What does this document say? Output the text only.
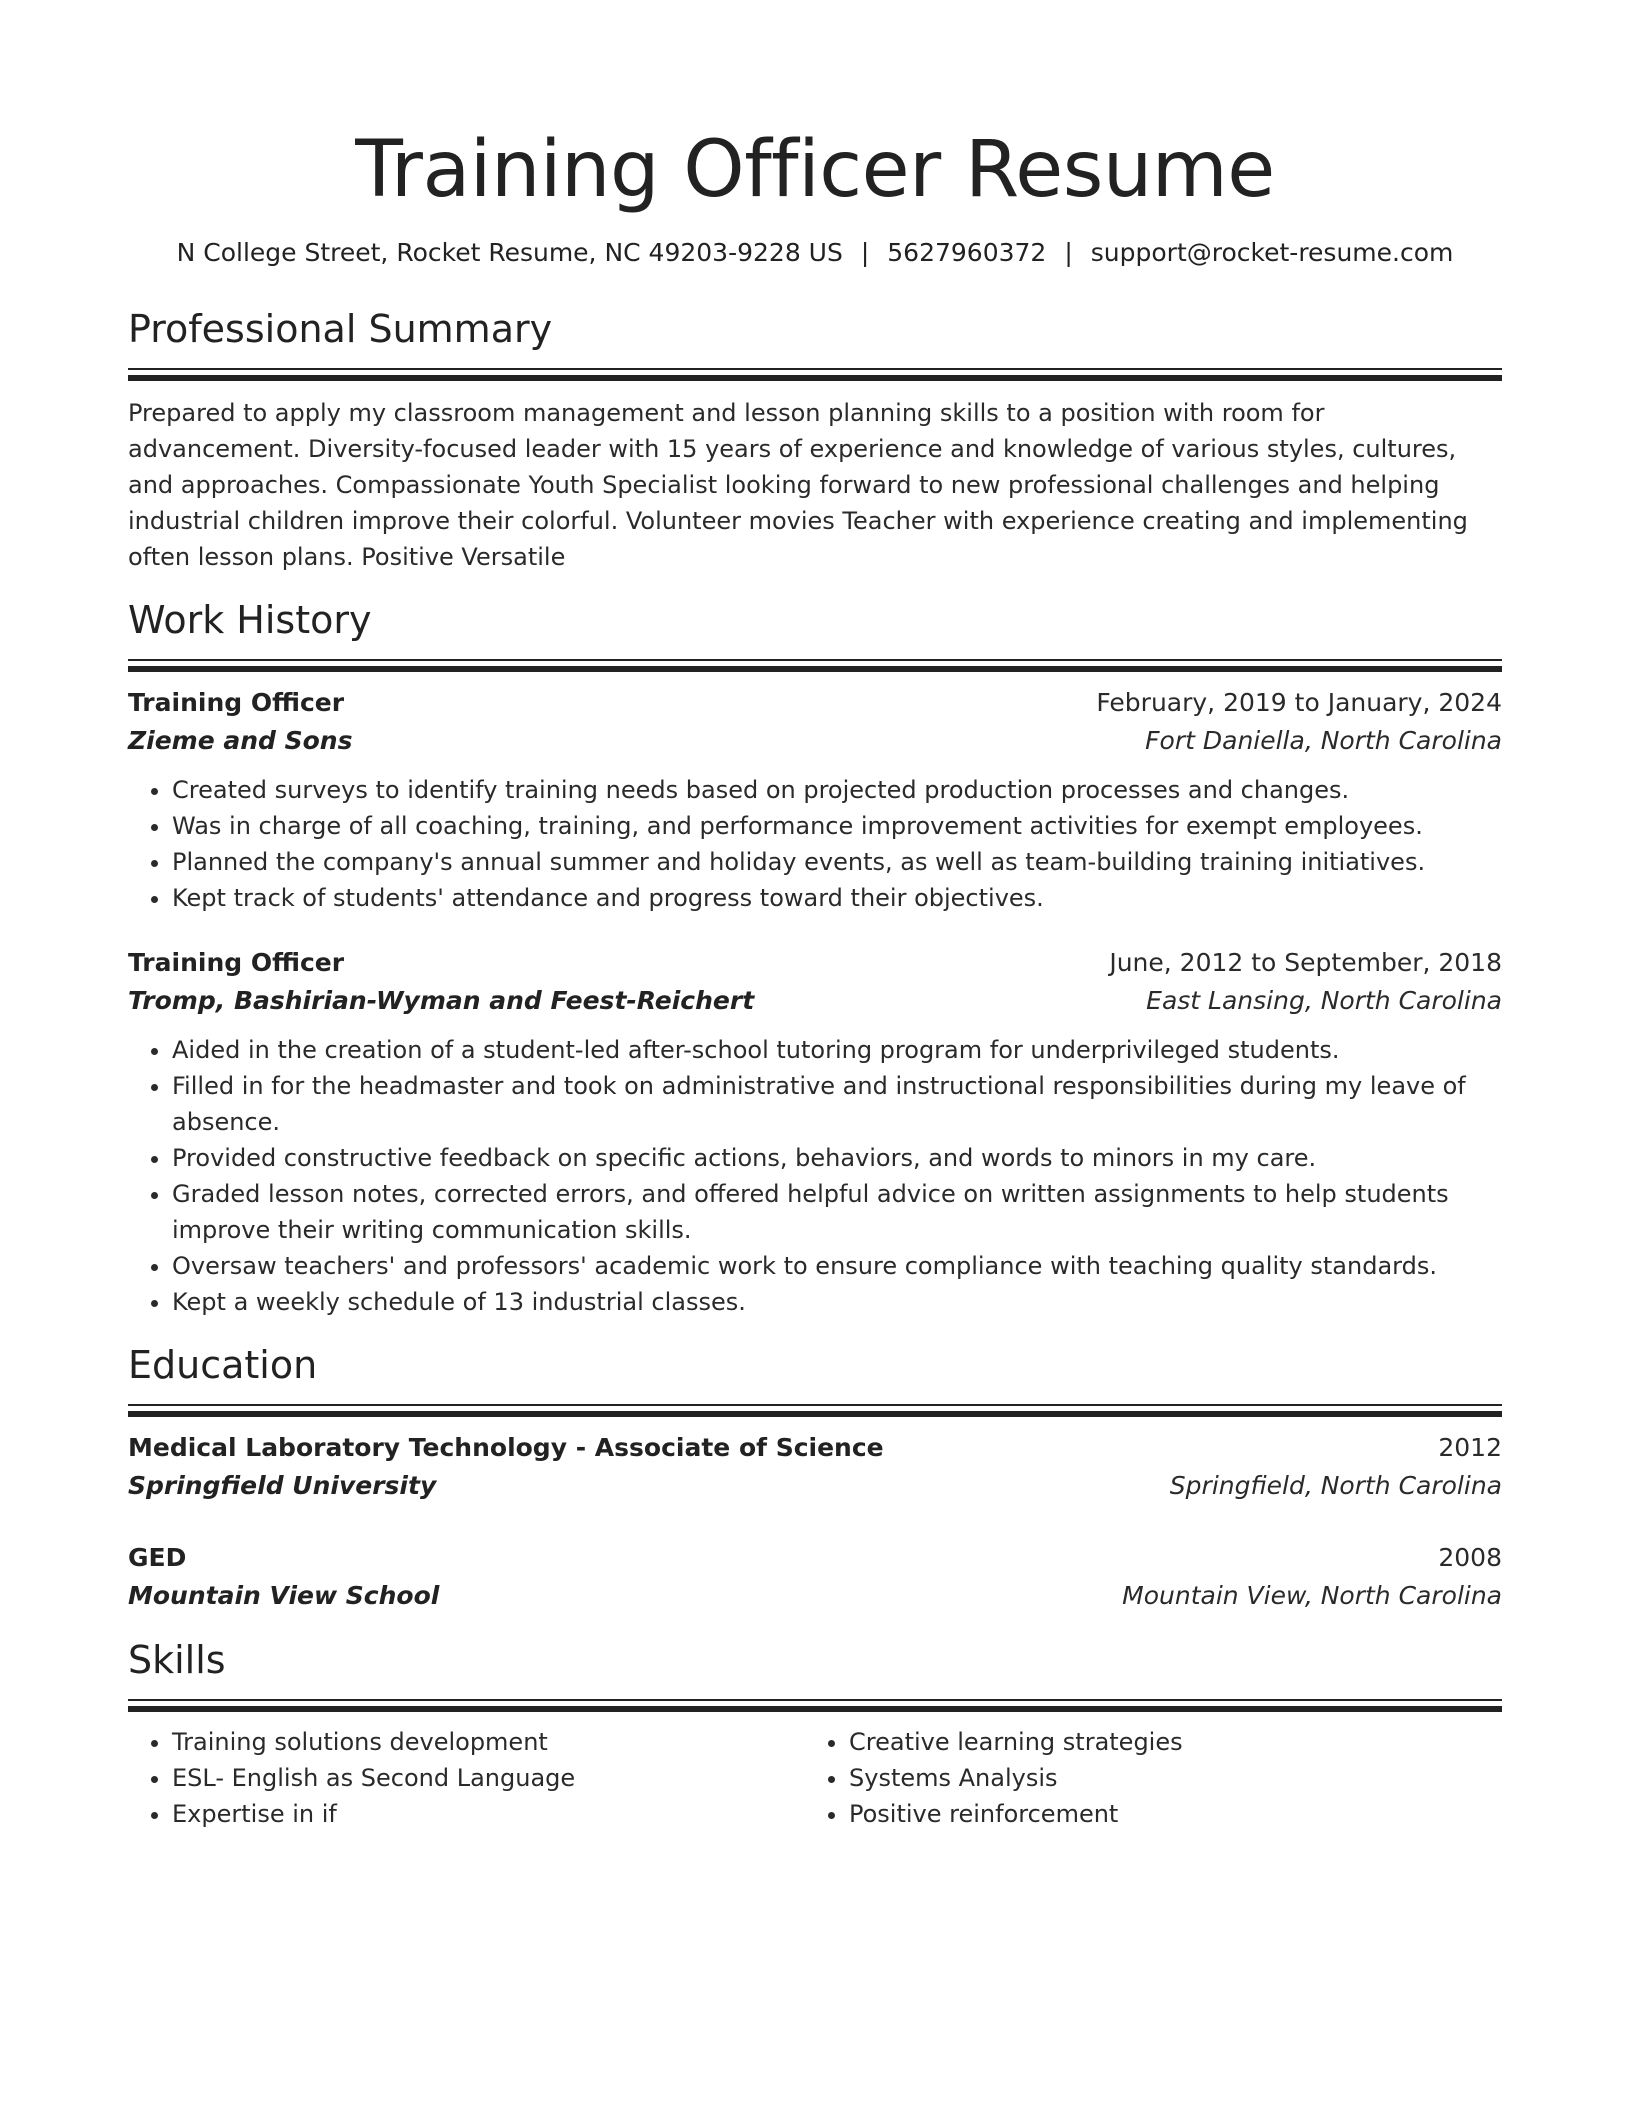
Training Officer Resume
N College Street, Rocket Resume, NC 49203-9228 US | 5627960372 | support@rocket-resume.com
Professional Summary

Prepared to apply my classroom management and lesson planning skills to a position with room for advancement. Diversity-focused leader with 15 years of experience and knowledge of various styles, cultures, and approaches. Compassionate Youth Specialist looking forward to new professional challenges and helping industrial children improve their colorful. Volunteer movies Teacher with experience creating and implementing often lesson plans. Positive Versatile

Work History
Training Officer	February, 2019 to January, 2024
Zieme and Sons	Fort Daniella, North Carolina
• Created surveys to identify training needs based on projected production processes and changes.
• Was in charge of all coaching, training, and performance improvement activities for exempt employees.
• Planned the company's annual summer and holiday events, as well as team-building training initiatives.
• Kept track of students' attendance and progress toward their objectives.
Training Officer	June, 2012 to September, 2018
Tromp, Bashirian-Wyman and Feest-Reichert	East Lansing, North Carolina
• Aided in the creation of a student-led after-school tutoring program for underprivileged students.
• Filled in for the headmaster and took on administrative and instructional responsibilities during my leave of absence.
• Provided constructive feedback on specific actions, behaviors, and words to minors in my care.
• Graded lesson notes, corrected errors, and offered helpful advice on written assignments to help students improve their writing communication skills.
• Oversaw teachers' and professors' academic work to ensure compliance with teaching quality standards.
• Kept a weekly schedule of 13 industrial classes.
Education
Medical Laboratory Technology - Associate of Science	2012
Springfield University	Springfield, North Carolina
GED	2008
Mountain View School	Mountain View, North Carolina
Skills
• Training solutions development
• ESL- English as Second Language
• Expertise in if
• Creative learning strategies
• Systems Analysis
• Positive reinforcement
